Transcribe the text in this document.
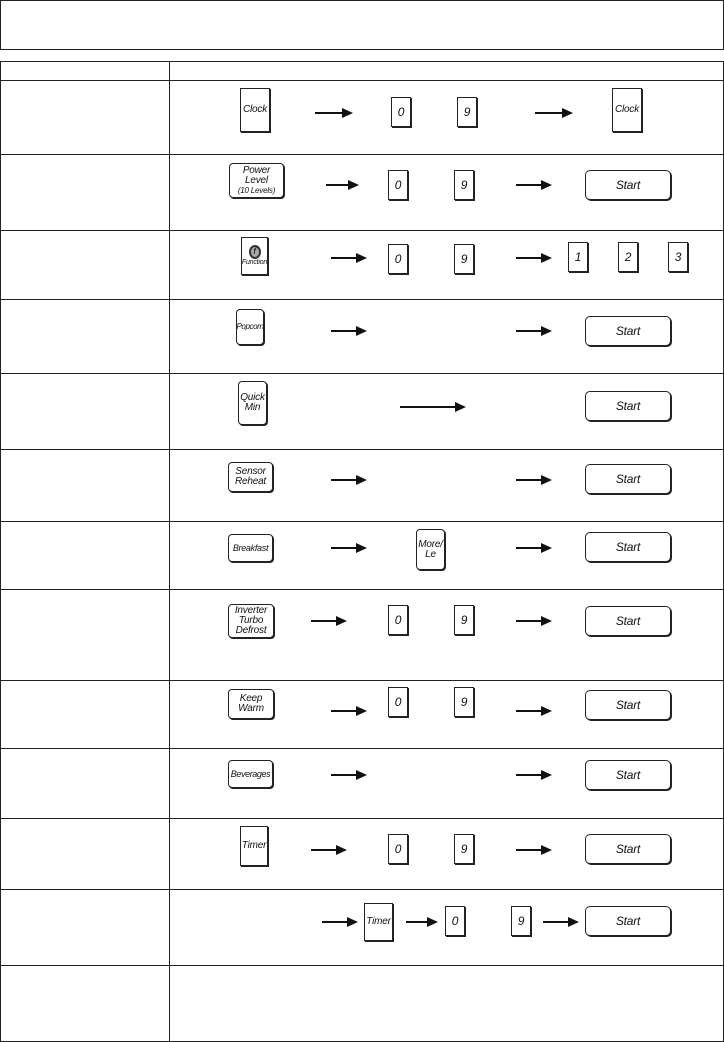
Clock	0	9	Clock
Power
Level
(10 Levels)	0	9	Start
f
Function	0	9	1	2	3
Popcorn	Start
Quick
Min	Start
Sensor
Reheat	Start
Breakfast	More/
Le	Start
Inverter
Turbo
Defrost
0	9	Start
Keep
Warm	0	9	Start
Beverages	Start
Timer	0	9	Start
Timer	0	9	Start
